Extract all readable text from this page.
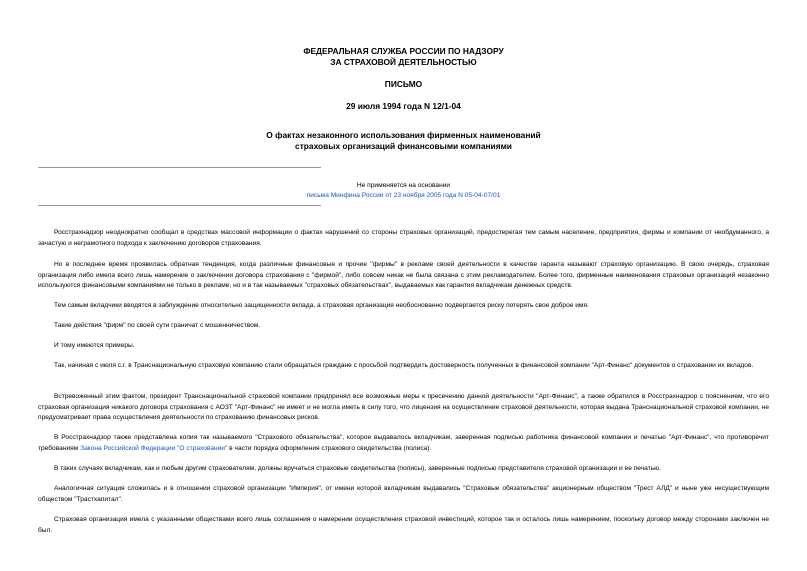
ФЕДЕРАЛЬНАЯ СЛУЖБА РОССИИ ПО НАДЗОРУ
ЗА СТРАХОВОЙ ДЕЯТЕЛЬНОСТЬЮ
ПИСЬМО
29 июля 1994 года N 12/1-04
О фактах незаконного использования фирменных наименований
страховых организаций финансовыми компаниями
Не применяется на основании
письма Минфина России от 23 ноября 2005 года N 05-04-07/01

Росстрахнадзор неоднократно сообщал в средствах массовой информации о фактах нарушений со стороны страховых организаций, предостерегая тем самым население, предприятия, фирмы и компании от необдуманного, а зачастую и неграмотного подхода к заключению договоров страхования.

Но в последнее время проявилась обратная тенденция, когда различные финансовые и прочие "фирмы" в рекламе своей деятельности в качестве гаранта называют страховую организацию. В свою очередь, страховая организация либо имела всего лишь намерение о заключении договора страхования с "фирмой", либо совсем никак не была связана с этим рекламодателем. Более того, фирменные наименования страховых организаций незаконно используются финансовыми компаниями не только в рекламе, но и в так называемых "страховых обязательствах", выдаваемых как гарантия вкладчикам денежных средств.

Тем самым вкладчики вводятся в заблуждение относительно защищенности вклада, а страховая организация необоснованно подвергается риску потерять свое доброе имя.

Такие действия "фирм" по своей сути граничат с мошенничеством.

И тому имеются примеры.

Так, начиная с июля с.г. в Транснациональную страховую компанию стали обращаться граждане с просьбой подтвердить достоверность полученных в финансовой компании "Арт-Финанс" документов о страховании их вкладов.

Встревоженный этим фактом, президент Транснациональной страховой компании предпринял все возможные меры к пресечению данной деятельности "Арт-Финанс", а также обратился в Росстрахнадзор с пояснением, что его страховая организация никакого договора страхования с АОЗТ "Арт-Финанс" не имеет и не могла иметь в силу того, что лицензия на осуществление страховой деятельности, которая выдана Транснациональной страховой компании, не предусматривает права осуществления деятельности по страхованию финансовых рисков.

В Росстрахнадзор также представлена копия так называемого "Страхового обязательства", которое выдавалось вкладчикам, заверенная подписью работника финансовой компании и печатью "Арт-Финанс", что противоречит требованиям Закона Российской Федерации "О страховании" в части порядка оформления страхового свидетельства (полиса).

В таких случаях вкладчикам, как и любым другим страхователям, должны вручаться страховые свидетельства (полисы), заверенные подписью представителя страховой организации и ее печатью.

Аналогичная ситуация сложилась и в отношении страховой организации "Империя", от имени которой вкладчикам выдавались "Страховые обязательства" акционерным обществом "Трест АЛД" и ныне уже несуществующим обществом "Трастхапитал".

Страховая организация имела с указанными обществами всего лишь соглашения о намерении осуществления страховой инвестиций, которое так и осталось лишь намерением, поскольку договор между сторонами заключен не был.
